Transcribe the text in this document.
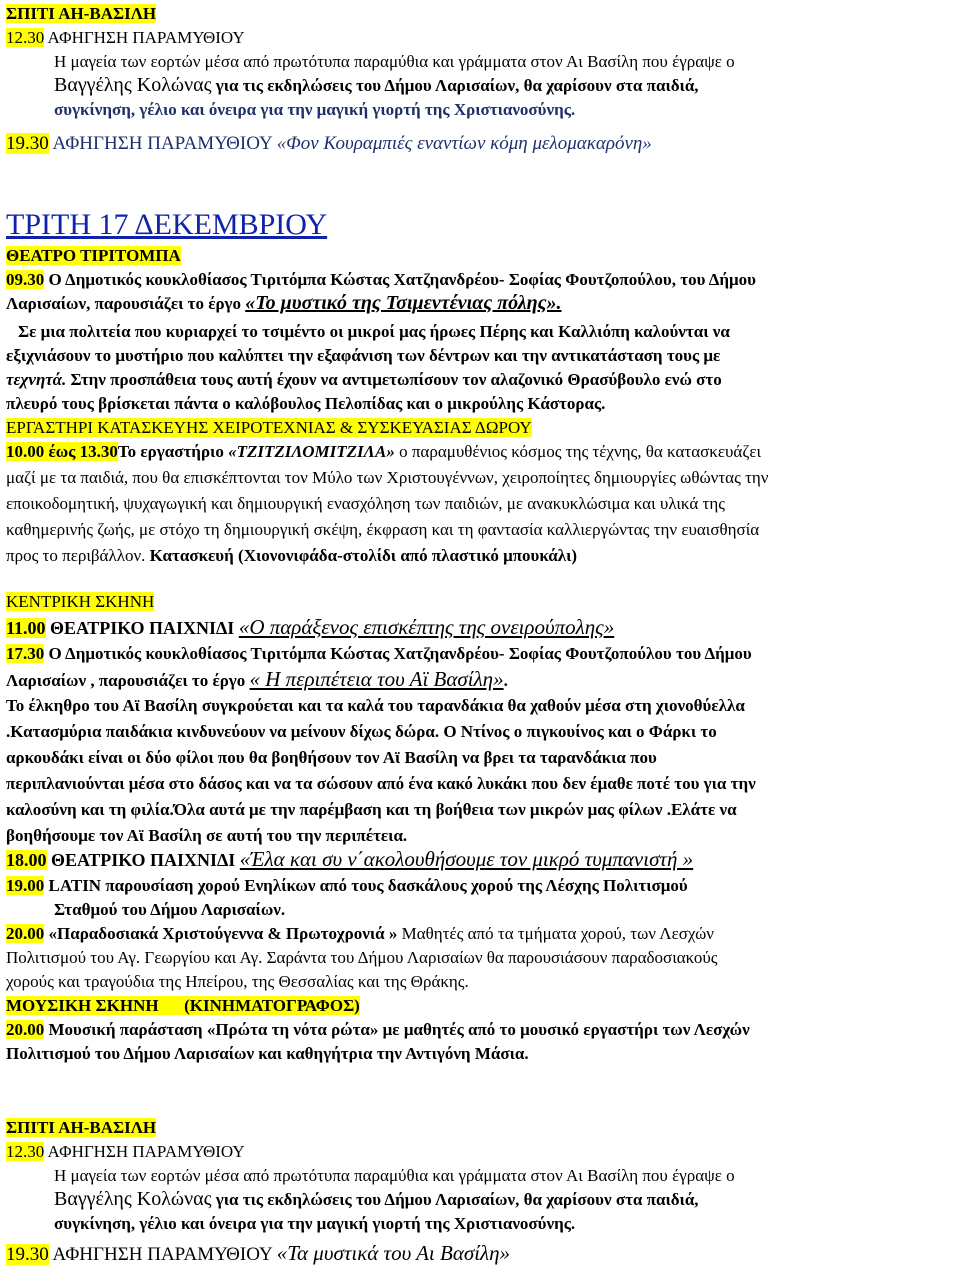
ΣΠΙΤΙ ΑΗ-ΒΑΣΙΛΗ
12.30 ΑΦΗΓΗΣΗ ΠΑΡΑΜΥΘΙΟΥ
Η μαγεία των εορτών μέσα από πρωτότυπα παραμύθια και γράμματα στον Αι Βασίλη που έγραψε ο
Βαγγέλης Κολώνας για τις εκδηλώσεις του Δήμου Λαρισαίων, θα χαρίσουν στα παιδιά,
συγκίνηση, γέλιο και όνειρα για την μαγική γιορτή της Χριστιανοσύνης.
19.30 ΑΦΗΓΗΣΗ ΠΑΡΑΜΥΘΙΟΥ «Φον Κουραμπιές εναντίων κόμη μελομακαρόνη»
ΤΡΙΤΗ 17 ΔΕΚΕΜΒΡΙΟΥ
ΘΕΑΤΡΟ ΤΙΡΙΤΟΜΠΑ
09.30 Ο Δημοτικός κουκλοθίασος Τιριτόμπα Κώστας Χατζηανδρέου- Σοφίας Φουτζοπούλου, του Δήμου
Λαρισαίων, παρουσιάζει το έργο «Το μυστικό της Τσιμεντένιας πόλης».
Σε μια πολιτεία που κυριαρχεί το τσιμέντο οι μικροί μας ήρωες Πέρης και Καλλιόπη καλούνται να
εξιχνιάσουν το μυστήριο που καλύπτει την εξαφάνιση των δέντρων και την αντικατάσταση τους με
τεχνητά. Στην προσπάθεια τους αυτή έχουν να αντιμετωπίσουν τον αλαζονικό Θρασύβουλο ενώ στο
πλευρό τους βρίσκεται πάντα ο καλόβουλος Πελοπίδας και ο μικρούλης Κάστορας.
ΕΡΓΑΣΤΗΡΙ ΚΑΤΑΣΚΕΥΗΣ ΧΕΙΡΟΤΕΧΝΙΑΣ & ΣΥΣΚΕΥΑΣΙΑΣ ΔΩΡΟΥ
10.00 έως 13.30Το εργαστήριο «ΤΖΙΤΖΙΛΟΜΙΤΖΙΛΑ» ο παραμυθένιος κόσμος της τέχνης, θα κατασκευάζει
μαζί με τα παιδιά, που θα επισκέπτονται τον Μύλο των Χριστουγέννων, χειροποίητες δημιουργίες ωθώντας την
εποικοδομητική, ψυχαγωγική και δημιουργική ενασχόληση των παιδιών, με ανακυκλώσιμα και υλικά της
καθημερινής ζωής, με στόχο τη δημιουργική σκέψη, έκφραση και τη φαντασία καλλιεργώντας την ευαισθησία
προς το περιβάλλον. Κατασκευή (Χιονονιφάδα-στολίδι από πλαστικό μπουκάλι)
ΚΕΝΤΡΙΚΗ ΣΚΗΝΗ
11.00 ΘΕΑΤΡΙΚΟ ΠΑΙΧΝΙΔΙ «Ο παράξενος επισκέπτης της ονειρούπολης»
17.30 Ο Δημοτικός κουκλοθίασος Τιριτόμπα Κώστας Χατζηανδρέου- Σοφίας Φουτζοπούλου του Δήμου
Λαρισαίων , παρουσιάζει το έργο « Η περιπέτεια του Αϊ Βασίλη».
Το έλκηθρο του Αϊ Βασίλη συγκρούεται και τα καλά του ταρανδάκια θα χαθούν μέσα στη χιονοθύελλα
.Κατασμύρια παιδάκια κινδυνεύουν να μείνουν δίχως δώρα. Ο Ντίνος ο πιγκουίνος και ο Φάρκι το
αρκουδάκι είναι οι δύο φίλοι που θα βοηθήσουν τον Αϊ Βασίλη να βρει τα ταρανδάκια που
περιπλανιούνται μέσα στο δάσος και να τα σώσουν από ένα κακό λυκάκι που δεν έμαθε ποτέ του για την
καλοσύνη και τη φιλία.Όλα αυτά με την παρέμβαση και τη βοήθεια των μικρών μας φίλων .Ελάτε να
βοηθήσουμε τον Αϊ Βασίλη σε αυτή του την περιπέτεια.
18.00 ΘΕΑΤΡΙΚΟ ΠΑΙΧΝΙΔΙ «Έλα και συ ν΄ακολουθήσουμε τον μικρό τυμπανιστή »
19.00 LATIN παρουσίαση χορού Ενηλίκων από τους δασκάλους χορού της Λέσχης Πολιτισμού
Σταθμού του Δήμου Λαρισαίων.
20.00 «Παραδοσιακά Χριστούγεννα & Πρωτοχρονιά » Μαθητές από τα τμήματα χορού, των Λεσχών
Πολιτισμού του Αγ. Γεωργίου και Αγ. Σαράντα του Δήμου Λαρισαίων θα παρουσιάσουν παραδοσιακούς
χορούς και τραγούδια της Ηπείρου, της Θεσσαλίας και της Θράκης.
ΜΟΥΣΙΚΗ ΣΚΗΝΗ      (ΚΙΝΗΜΑΤΟΓΡΑΦΟΣ)
20.00 Μουσική παράσταση «Πρώτα τη νότα ρώτα» με μαθητές από το μουσικό εργαστήρι των Λεσχών
Πολιτισμού του Δήμου Λαρισαίων και καθηγήτρια την Αντιγόνη Μάσια.
ΣΠΙΤΙ ΑΗ-ΒΑΣΙΛΗ
12.30 ΑΦΗΓΗΣΗ ΠΑΡΑΜΥΘΙΟΥ
Η μαγεία των εορτών μέσα από πρωτότυπα παραμύθια και γράμματα στον Αι Βασίλη που έγραψε ο
Βαγγέλης Κολώνας για τις εκδηλώσεις του Δήμου Λαρισαίων, θα χαρίσουν στα παιδιά,
συγκίνηση, γέλιο και όνειρα για την μαγική γιορτή της Χριστιανοσύνης.
19.30 ΑΦΗΓΗΣΗ ΠΑΡΑΜΥΘΙΟΥ «Τα μυστικά του Αι Βασίλη»
